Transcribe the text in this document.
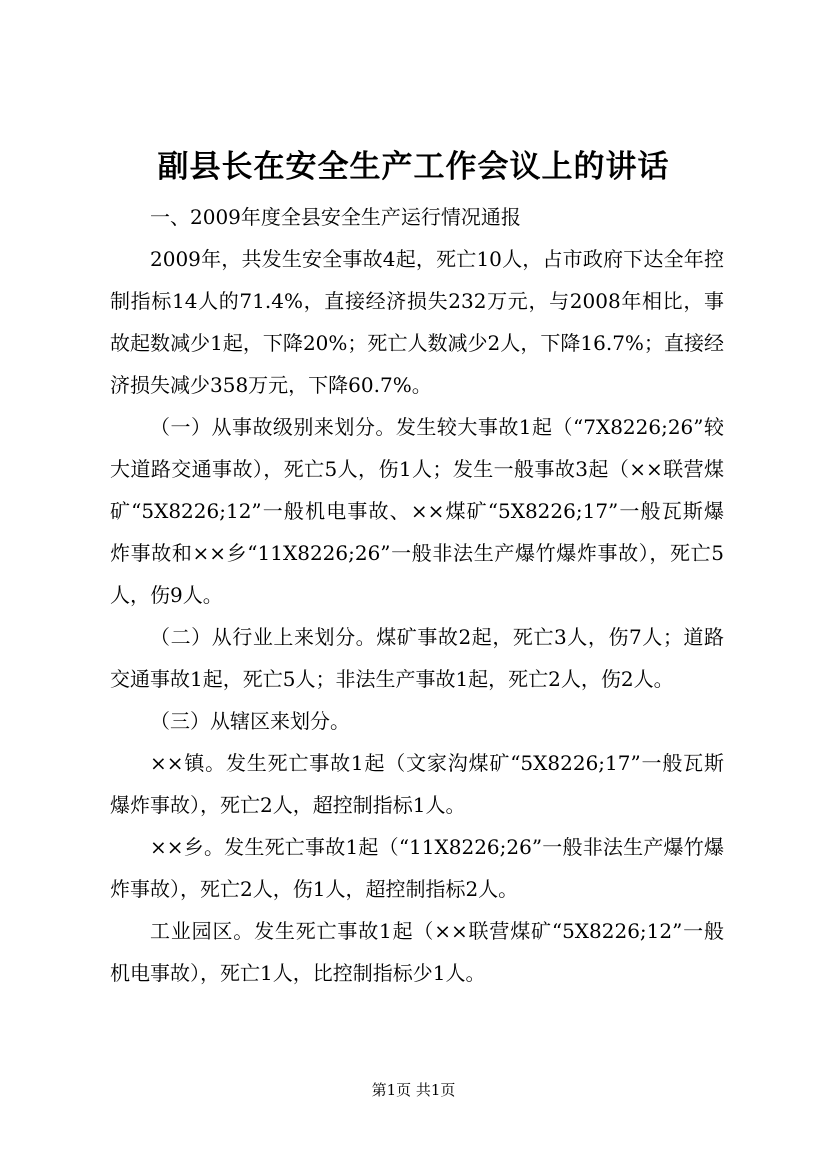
副县长在安全生产工作会议上的讲话

一、2009年度全县安全生产运行情况通报

2009年，共发生安全事故4起，死亡10人，占市政府下达全年控制指标14人的71.4%，直接经济损失232万元，与2008年相比，事故起数减少1起，下降20%；死亡人数减少2人，下降16.7%；直接经济损失减少358万元，下降60.7%。

（一）从事故级别来划分。发生较大事故1起（“7X8226;26”较大道路交通事故），死亡5人，伤1人；发生一般事故3起（××联营煤矿“5X8226;12”一般机电事故、××煤矿“5X8226;17”一般瓦斯爆炸事故和××乡“11X8226;26”一般非法生产爆竹爆炸事故），死亡5人，伤9人。

（二）从行业上来划分。煤矿事故2起，死亡3人，伤7人；道路交通事故1起，死亡5人；非法生产事故1起，死亡2人，伤2人。

（三）从辖区来划分。

××镇。发生死亡事故1起（文家沟煤矿“5X8226;17”一般瓦斯爆炸事故），死亡2人，超控制指标1人。

××乡。发生死亡事故1起（“11X8226;26”一般非法生产爆竹爆炸事故），死亡2人，伤1人，超控制指标2人。

工业园区。发生死亡事故1起（××联营煤矿“5X8226;12”一般机电事故），死亡1人，比控制指标少1人。

第1页 共1页
